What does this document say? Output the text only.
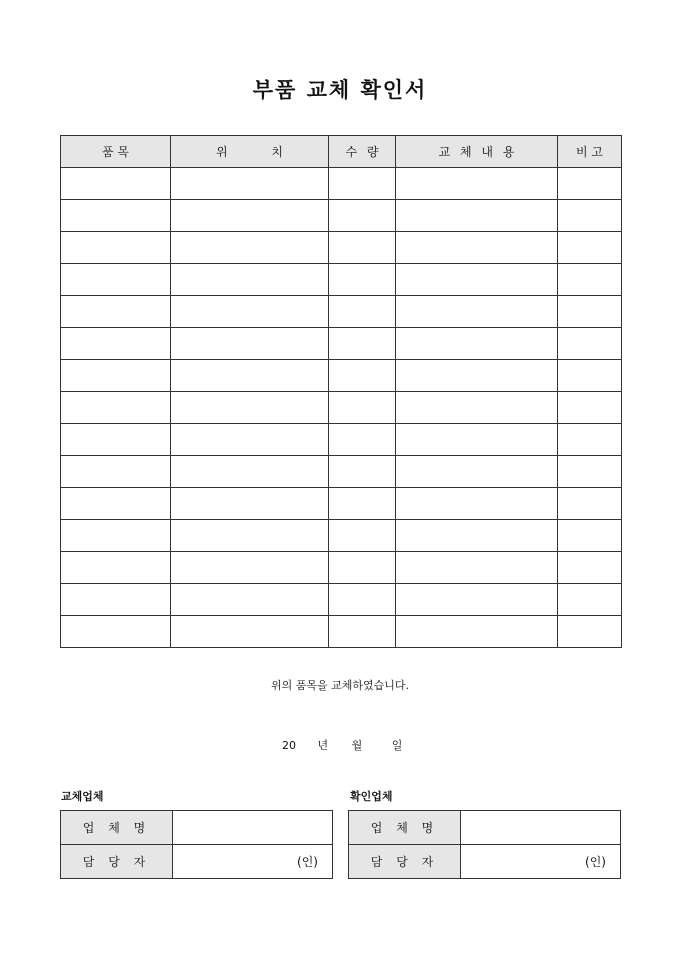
부품 교체 확인서
품 목	위 치	수 량	교 체 내 용	비 고

위의 품목을 교체하였습니다.
20 년 월	일
교체업체
업 체 명	
담 당 자	(인)
확인업체
업 체 명	
담 당 자	(인)
